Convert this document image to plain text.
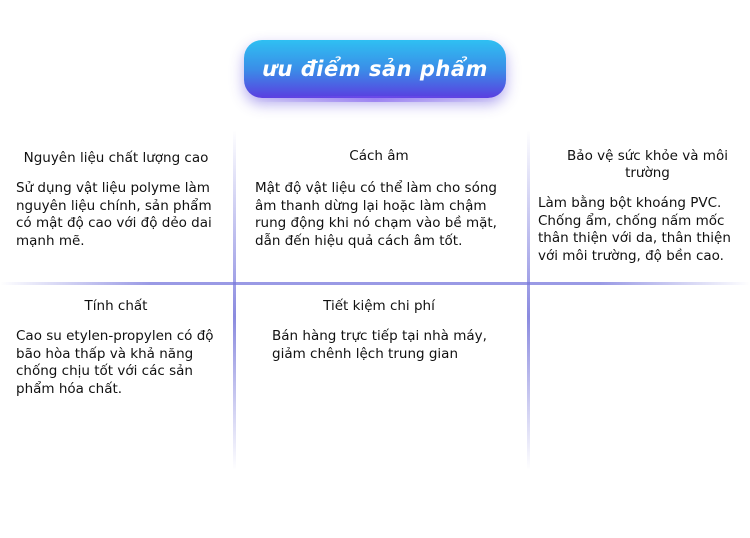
ưu điểm sản phẩm
Nguyên liệu chất lượng cao
Sử dụng vật liệu polyme làm nguyên liệu chính, sản phẩm có mật độ cao với độ dẻo dai mạnh mẽ.
Cách âm
Mật độ vật liệu có thể làm cho sóng âm thanh dừng lại hoặc làm chậm rung động khi nó chạm vào bề mặt, dẫn đến hiệu quả cách âm tốt.
Bảo vệ sức khỏe và môi trường
Làm bằng bột khoáng PVC. Chống ẩm, chống nấm mốc thân thiện với da, thân thiện với môi trường, độ bền cao.
Tính chất
Cao su etylen-propylen có độ bão hòa thấp và khả năng chống chịu tốt với các sản phẩm hóa chất.
Tiết kiệm chi phí
Bán hàng trực tiếp tại nhà máy, giảm chênh lệch trung gian
